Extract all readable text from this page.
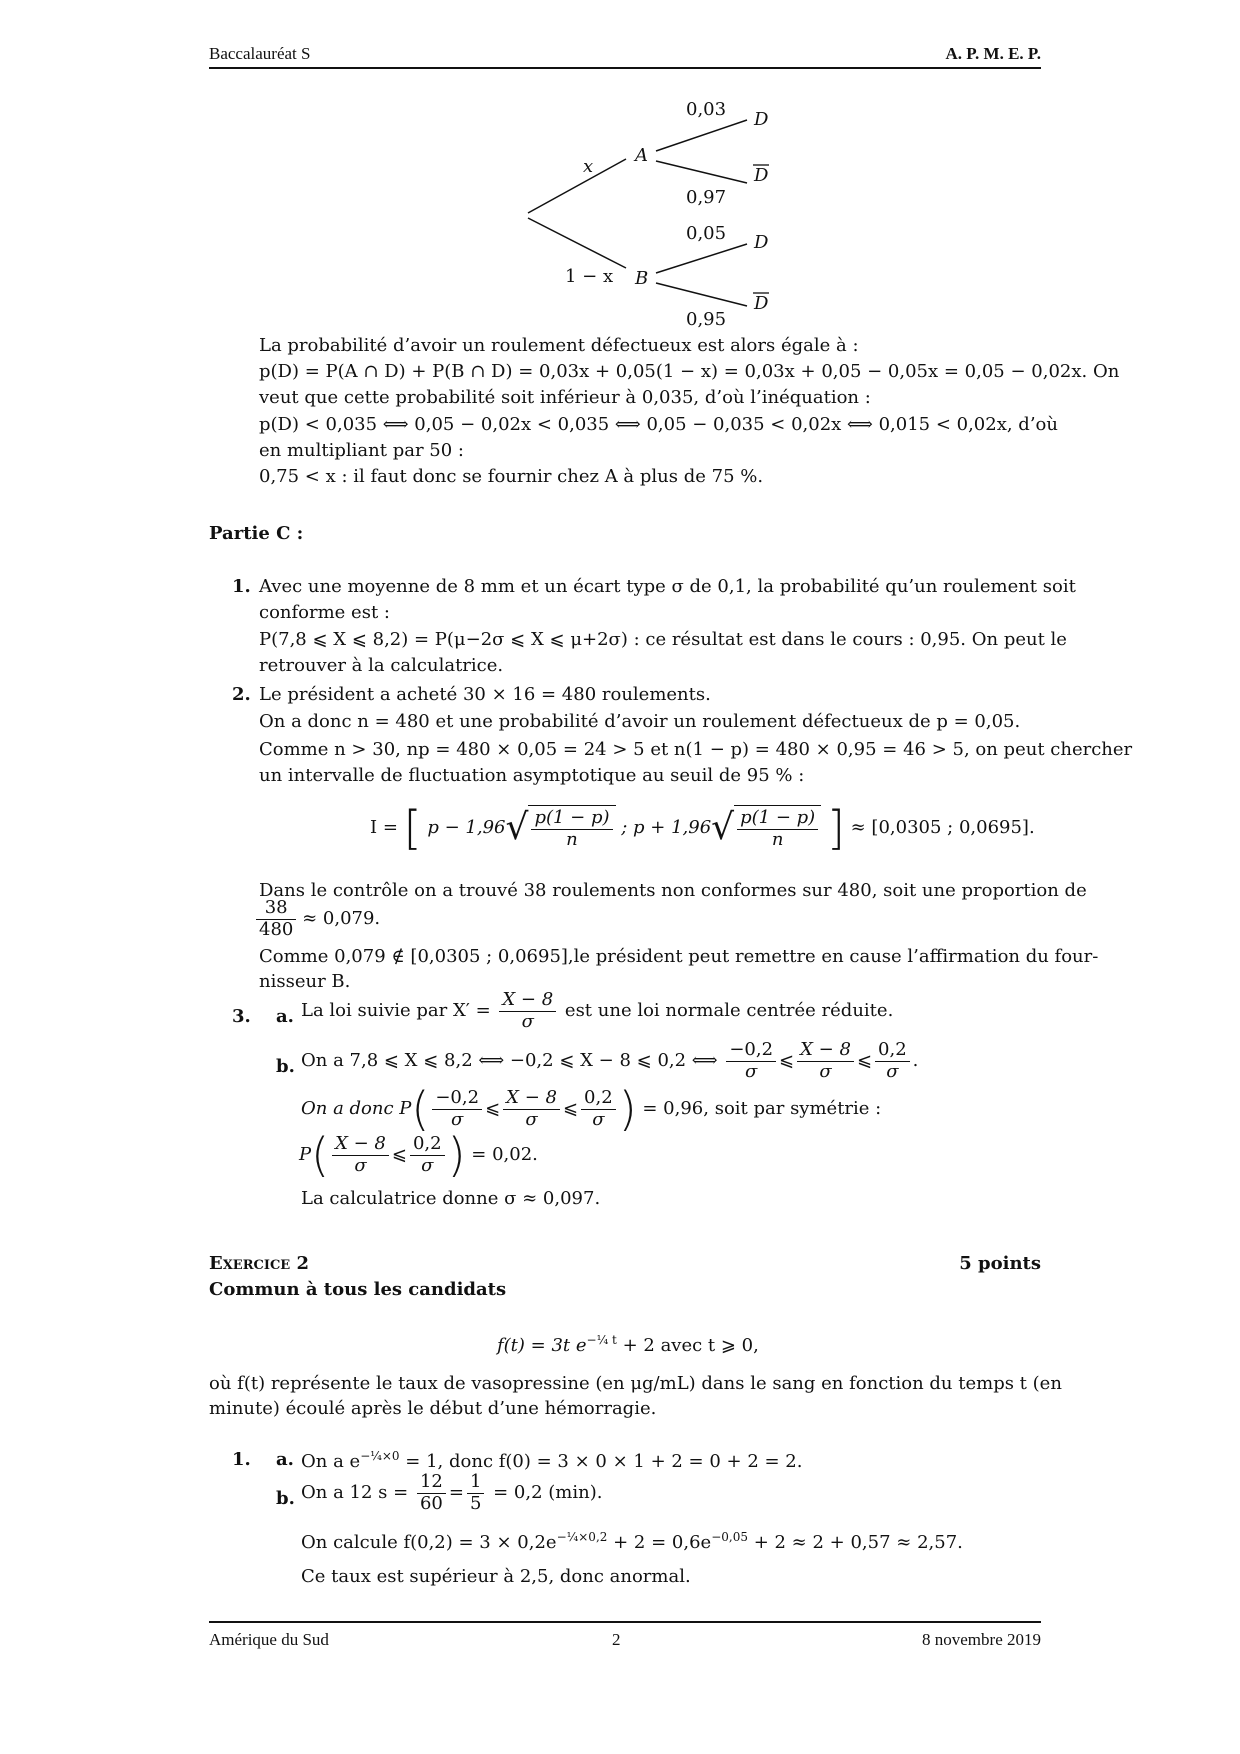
Baccalauréat S	A. P. M. E. P.
x
1 − x
A
B
0,03
0,97
0,05
0,95
D
D
D
D
La probabilité d’avoir un roulement défectueux est alors égale à :
p(D) = P(A ∩ D) + P(B ∩ D) = 0,03x + 0,05(1 − x) = 0,03x + 0,05 − 0,05x = 0,05 − 0,02x. On
veut que cette probabilité soit inférieur à 0,035, d’où l’inéquation :
p(D) < 0,035 ⟺ 0,05 − 0,02x < 0,035 ⟺ 0,05 − 0,035 < 0,02x ⟺ 0,015 < 0,02x, d’où
en multipliant par 50 :
0,75 < x : il faut donc se fournir chez A à plus de 75 %.
Partie C :
1. Avec une moyenne de 8 mm et un écart type σ de 0,1, la probabilité qu’un roulement soit
conforme est :
P(7,8 ⩽ X ⩽ 8,2) = P(μ−2σ ⩽ X ⩽ μ+2σ) : ce résultat est dans le cours : 0,95. On peut le
retrouver à la calculatrice.
2. Le président a acheté 30 × 16 = 480 roulements.
On a donc n = 480 et une probabilité d’avoir un roulement défectueux de p = 0,05.
Comme n > 30, np = 480 × 0,05 = 24 > 5 et n(1 − p) = 480 × 0,95 = 46 > 5, on peut chercher
un intervalle de fluctuation asymptotique au seuil de 95 % :
I = [ $p - 1,96√ \frac{p(1 - p)}{n}$ ; $p + 1,96√ \frac{p(1 - p)}{n}$ ] ≈ [0,0305 ; 0,0695].
Dans le contrôle on a trouvé 38 roulements non conformes sur 480, soit une proportion de
$\frac{38}{480} \approx 0,079$.
Comme 0,079 ∉ [0,0305 ; 0,0695],le président peut remettre en cause l’affirmation du four-
nisseur B.
3. a. La loi suivie par $X' = \frac{X - 8}{\sigma}$ est une loi normale centrée réduite.
b. On a 7,8 ⩽ X ⩽ 8,2 ⟺ −0,2 ⩽ X − 8 ⩽ 0,2 ⟺ $\frac{-0,2}{\sigma}$ ⩽ $\frac{X - 8}{\sigma}$ ⩽ $\frac{0,2}{\sigma}$ .
On a donc $P( \frac{-0,2}{\sigma}$ ⩽ $\frac{X - 8}{\sigma}$ ⩽ $\frac{0,2}{\sigma}$ ) = 0,96, soit par symétrie :
$P( \frac{X - 8}{\sigma}$ ⩽ $\frac{0,2}{\sigma}$ ) = 0,02.
La calculatrice donne σ ≈ 0,097.
Exercice 2	5 points
Commun à tous les candidats
f(t) = 3t $e^{-\frac{1}{4} t} + 2$ avec t ⩾ 0,
où f(t) représente le taux de vasopressine (en μg/mL) dans le sang en fonction du temps t (en
minute) écoulé après le début d’une hémorragie.
1. a. On a $e^{-\frac{1}{4}\times 0} = 1$, donc f(0) = 3 × 0 × 1 + 2 = 0 + 2 = 2.
b. On a 12 $s = \frac{12}{60} = \frac{1}{5} = 0,2$ (min).
On calcule $f(0,2) = 3 \times 0,2e^{-\frac{1}{4}\times 0,2} + 2 = 0,6e^{-0,05} + 2 \approx 2 + 0,57 \approx 2,57$.
Ce taux est supérieur à 2,5, donc anormal.
Amérique du Sud	2	8 novembre 2019
